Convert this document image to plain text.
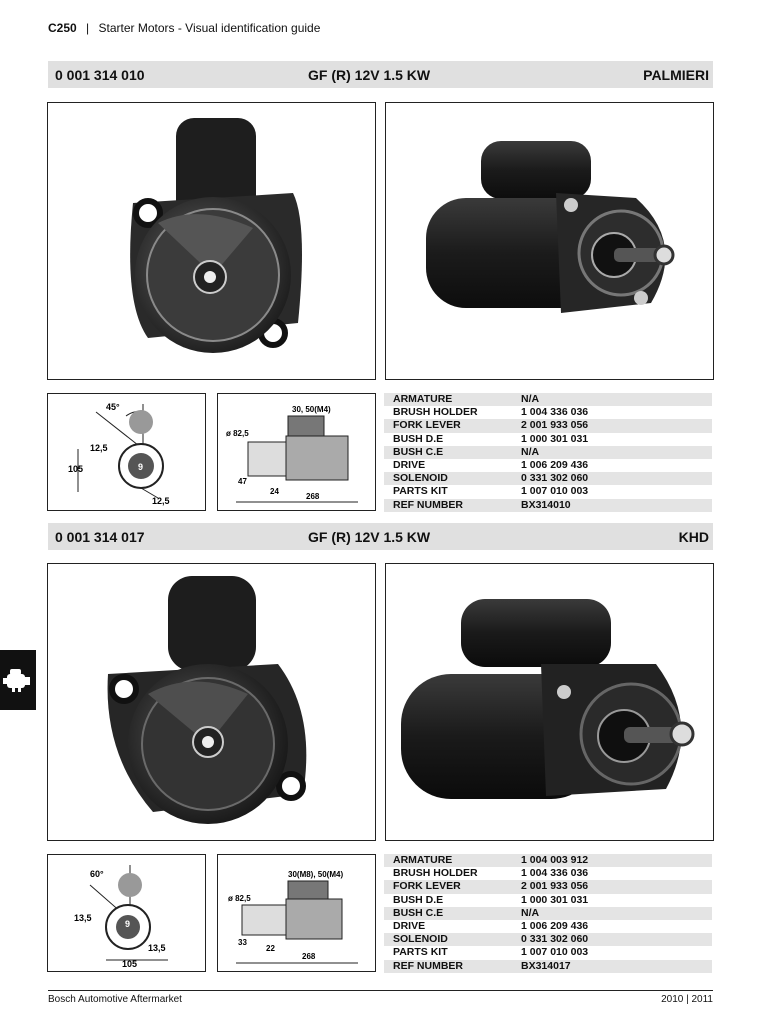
C250 | Starter Motors - Visual identification guide
0 001 314 010	GF (R) 12V 1.5 KW	PALMIERI
45°
12,5
9
105
12,5
30, 50(M4)
ø 82,5
47
24
268
ARMATURE	N/A
BRUSH HOLDER	1 004 336 036
FORK LEVER	2 001 933 056
BUSH D.E	1 000 301 031
BUSH C.E	N/A
DRIVE	1 006 209 436
SOLENOID	0 331 302 060
PARTS KIT	1 007 010 003
REF NUMBER	BX314010
0 001 314 017	GF (R) 12V 1.5 KW	KHD
60°
13,5
9
105
13,5
30(M8), 50(M4)
ø 82,5
33
22
268
ARMATURE	1 004 003 912
BRUSH HOLDER	1 004 336 036
FORK LEVER	2 001 933 056
BUSH D.E	1 000 301 031
BUSH C.E	N/A
DRIVE	1 006 209 436
SOLENOID	0 331 302 060
PARTS KIT	1 007 010 003
REF NUMBER	BX314017
Bosch Automotive Aftermarket	2010 | 2011
